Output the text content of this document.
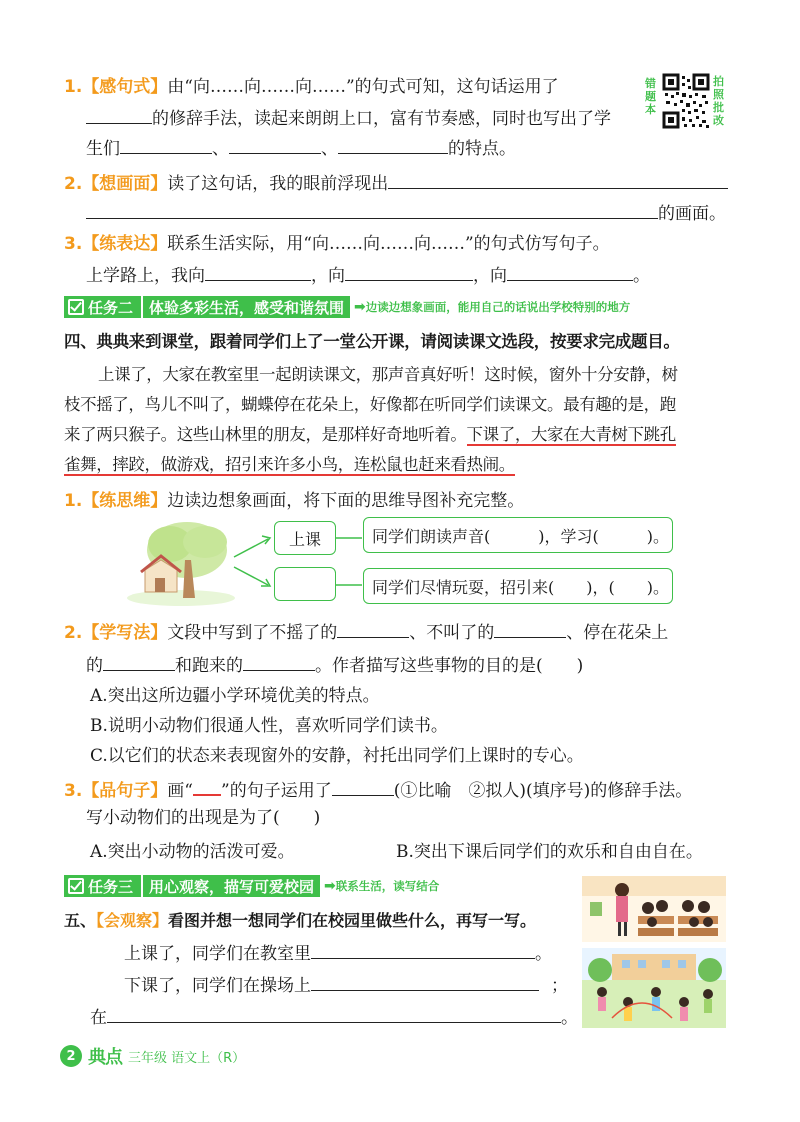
1.【感句式】由“向……向……向……”的句式可知，这句话运用了
的修辞手法，读起来朗朗上口，富有节奏感，同时也写出了学
生们	、	、	的特点。
错题本
拍照批改
2.【想画面】读了这句话，我的眼前浮现出
的画面。
3.【练表达】联系生活实际，用“向……向……向……”的句式仿写句子。
上学路上，我向	，向	，向	。
任务二	体验多彩生活，感受和谐氛围 ➡ 边读边想象画面，能用自己的话说出学校特别的地方
四、典典来到课堂，跟着同学们上了一堂公开课，请阅读课文选段，按要求完成题目。
上课了，大家在教室里一起朗读课文，那声音真好听！这时候，窗外十分安静，树
枝不摇了，鸟儿不叫了，蝴蝶停在花朵上，好像都在听同学们读课文。最有趣的是，跑
来了两只猴子。这些山林里的朋友，是那样好奇地听着。下课了，大家在大青树下跳孔
雀舞，摔跤，做游戏，招引来许多小鸟，连松鼠也赶来看热闹。
1.【练思维】边读边想象画面，将下面的思维导图补充完整。
上课	同学们朗读声音(　　　)，学习(　　　)。
同学们尽情玩耍，招引来(　　)，(　　)。
2.【学写法】文段中写到了不摇了的	、不叫了的	、停在花朵上
的	和跑来的	。作者描写这些事物的目的是(　　)
A.突出这所边疆小学环境优美的特点。
B.说明小动物们很通人性，喜欢听同学们读书。
C.以它们的状态来表现窗外的安静，衬托出同学们上课时的专心。
3.【品句子】画“ ”的句子运用了	(①比喻　②拟人)(填序号)的修辞手法。
写小动物们的出现是为了(　　)
A.突出小动物的活泼可爱。	B.突出下课后同学们的欢乐和自由自在。
任务三	用心观察，描写可爱校园 ➡ 联系生活，读写结合
五、【会观察】看图并想一想同学们在校园里做些什么，再写一写。
上课了，同学们在教室里	。
下课了，同学们在操场上	；
在	。
2 典点 三年级 语文上（R）
